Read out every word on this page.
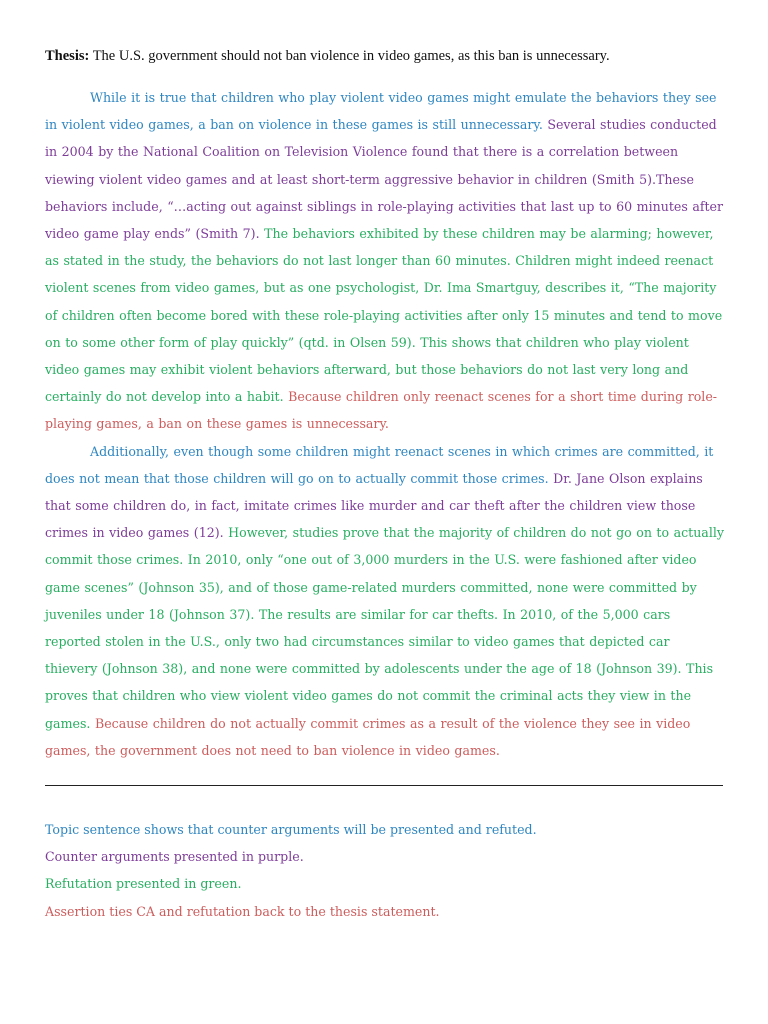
Thesis: The U.S. government should not ban violence in video games, as this ban is unnecessary.

While it is true that children who play violent video games might emulate the behaviors they see in violent video games, a ban on violence in these games is still unnecessary. Several studies conducted in 2004 by the National Coalition on Television Violence found that there is a correlation between viewing violent video games and at least short-term aggressive behavior in children (Smith 5).These behaviors include, “…acting out against siblings in role-playing activities that last up to 60 minutes after video game play ends” (Smith 7). The behaviors exhibited by these children may be alarming; however, as stated in the study, the behaviors do not last longer than 60 minutes. Children might indeed reenact violent scenes from video games, but as one psychologist, Dr. Ima Smartguy, describes it, “The majority of children often become bored with these role-playing activities after only 15 minutes and tend to move on to some other form of play quickly” (qtd. in Olsen 59). This shows that children who play violent video games may exhibit violent behaviors afterward, but those behaviors do not last very long and certainly do not develop into a habit. Because children only reenact scenes for a short time during role-playing games, a ban on these games is unnecessary.

Additionally, even though some children might reenact scenes in which crimes are committed, it does not mean that those children will go on to actually commit those crimes. Dr. Jane Olson explains that some children do, in fact, imitate crimes like murder and car theft after the children view those crimes in video games (12). However, studies prove that the majority of children do not go on to actually commit those crimes. In 2010, only “one out of 3,000 murders in the U.S. were fashioned after video game scenes” (Johnson 35), and of those game-related murders committed, none were committed by juveniles under 18 (Johnson 37). The results are similar for car thefts. In 2010, of the 5,000 cars reported stolen in the U.S., only two had circumstances similar to video games that depicted car thievery (Johnson 38), and none were committed by adolescents under the age of 18 (Johnson 39). This proves that children who view violent video games do not commit the criminal acts they view in the games. Because children do not actually commit crimes as a result of the violence they see in video games, the government does not need to ban violence in video games.

Topic sentence shows that counter arguments will be presented and refuted.

Counter arguments presented in purple.

Refutation presented in green.

Assertion ties CA and refutation back to the thesis statement.
